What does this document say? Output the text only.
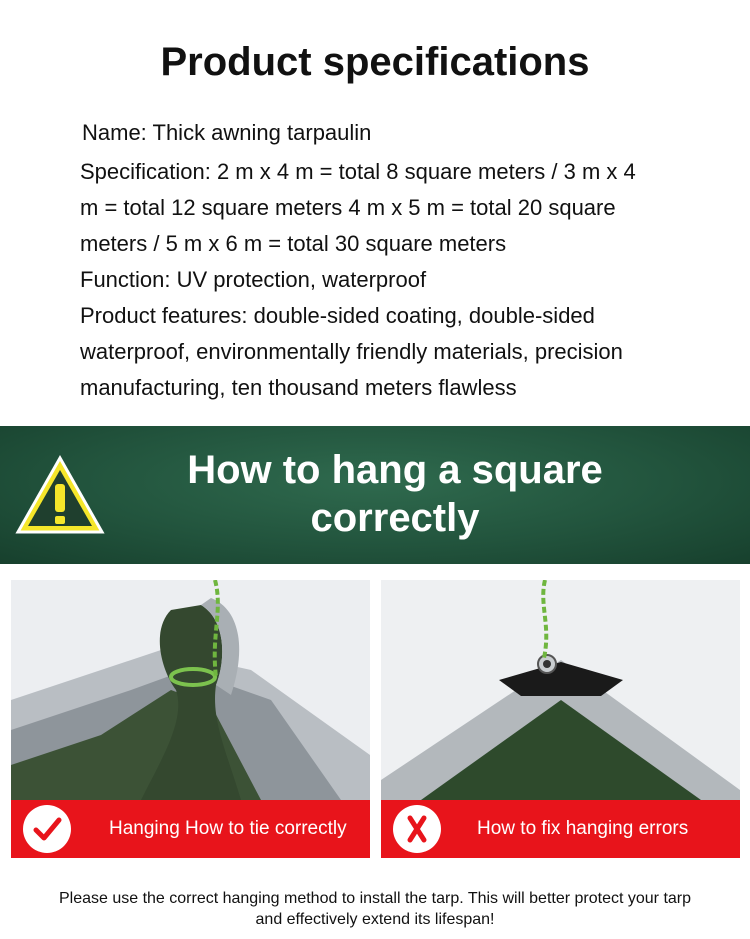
Product specifications
Name: Thick awning tarpaulin
Specification: 2 m x 4 m = total 8 square meters / 3 m x 4
m = total 12 square meters 4 m x 5 m = total 20 square
meters / 5 m x 6 m = total 30 square meters
Function: UV protection, waterproof
Product features: double-sided coating, double-sided
waterproof, environmentally friendly materials, precision
manufacturing, ten thousand meters flawless
How to hang a square
correctly
Hanging How to tie correctly	How to fix hanging errors
Please use the correct hanging method to install the tarp. This will better protect your tarp
and effectively extend its lifespan!
